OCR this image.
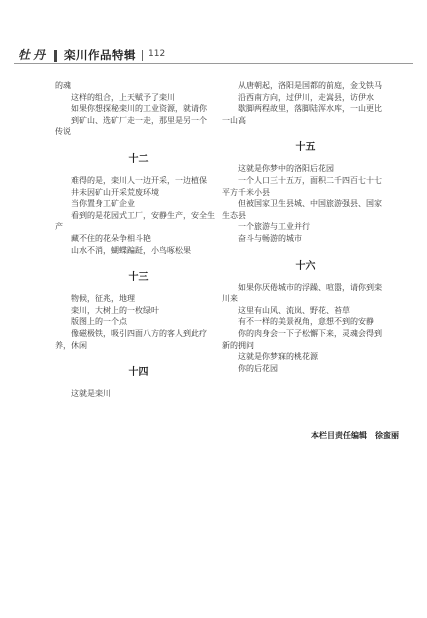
牡丹 栾川作品特辑 112
的魂
这样的组合，上天赋予了栾川
如果你想探秘栾川的工业资源，就请你
到矿山、选矿厂走一走，那里是另一个
传说
十二
难得的是，栾川人一边开采，一边植保
井未因矿山开采荒废环境
当你置身工矿企业
看到的是花园式工厂，安静生产，安全生产
藏不住的花朵争相斗艳
山水不消，蝴蝶蹁跹，小鸟啄松果
十三
物候，征兆，地理
栾川，大树上的一枚绿叶
版图上的一个点
像磁极铁，吸引四面八方的客人到此疗养，休闲
十四
这就是栾川
从唐朝起，洛阳是国都的前庭，金戈铁马
沿西南方向，过伊川，走嵩县，访伊水
歇脚两程故里，落脚陆浑水库，一山更比
一山高
十五
这就是你梦中的洛阳后花园
一个人口三十五万，面积二千四百七十七平方千米小县
但被国家卫生县城、中国旅游强县、国家生态县
一个旅游与工业并行
奋斗与畅游的城市
十六
如果你厌倦城市的浮躁、喧嚣，请你到栾川来
这里有山风、流岚、野花、苔草
有不一样的美景视角，意想不到的安静
你的肉身会一下子松懈下来，灵魂会得到新的拥问
这就是你梦寐的桃花源
你的后花园
本栏目责任编辑　徐蛮丽
